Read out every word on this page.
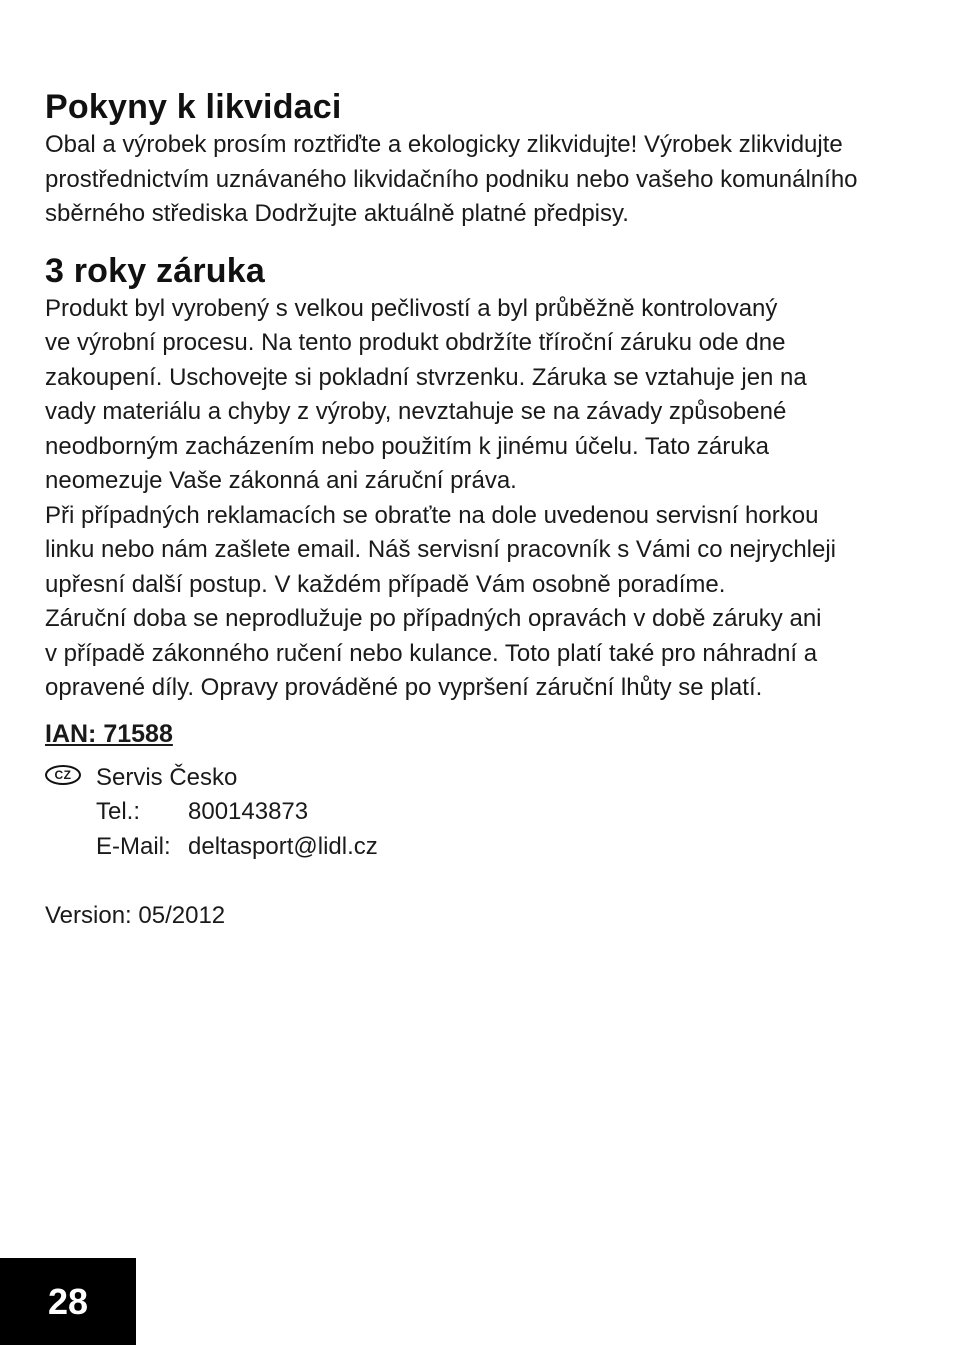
Pokyny k likvidaci

Obal a výrobek prosím roztřiďte a ekologicky zlikvidujte! Výrobek zlikvidujte
prostřednictvím uznávaného likvidačního podniku nebo vašeho komunálního
sběrného střediska Dodržujte aktuálně platné předpisy.

3 roky záruka

Produkt byl vyrobený s velkou pečlivostí a byl průběžně kontrolovaný
ve výrobní procesu. Na tento produkt obdržíte tříroční záruku ode dne
zakoupení. Uschovejte si pokladní stvrzenku. Záruka se vztahuje jen na
vady materiálu a chyby z výroby, nevztahuje se na závady způsobené
neodborným zacházením nebo použitím k jinému účelu. Tato záruka
neomezuje Vaše zákonná ani záruční práva.

Při případných reklamacích se obraťte na dole uvedenou servisní horkou
linku nebo nám zašlete email. Náš servisní pracovník s Vámi co nejrychleji
upřesní další postup. V každém případě Vám osobně poradíme.

Záruční doba se neprodlužuje po případných opravách v době záruky ani
v případě zákonného ručení nebo kulance. Toto platí také pro náhradní a
opravené díly. Opravy prováděné po vypršení záruční lhůty se platí.

IAN: 71588
CZ	Servis Česko
Tel.:	800143873
E-Mail: deltasport@lidl.cz
Version: 05/2012
28
